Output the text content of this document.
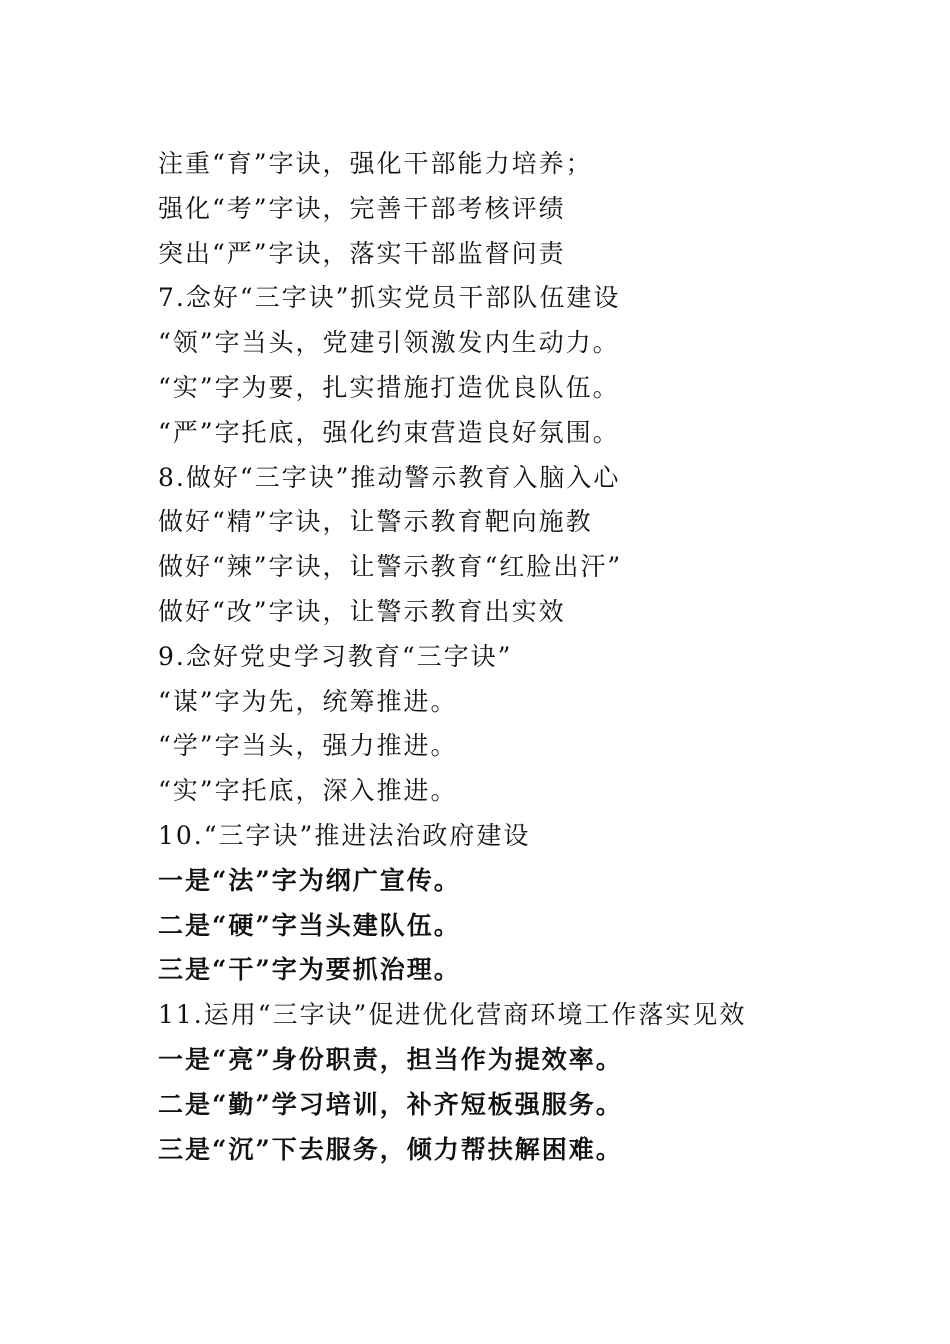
注重“育”字诀，强化干部能力培养；
强化“考”字诀，完善干部考核评绩
突出“严”字诀，落实干部监督问责
7.念好“三字诀”抓实党员干部队伍建设
“领”字当头，党建引领激发内生动力。
“实”字为要，扎实措施打造优良队伍。
“严”字托底，强化约束营造良好氛围。
8.做好“三字诀”推动警示教育入脑入心
做好“精”字诀，让警示教育靶向施教
做好“辣”字诀，让警示教育“红脸出汗”
做好“改”字诀，让警示教育出实效
9.念好党史学习教育“三字诀”
“谋”字为先，统筹推进。
“学”字当头，强力推进。
“实”字托底，深入推进。
10.“三字诀”推进法治政府建设
一是“法”字为纲广宣传。
二是“硬”字当头建队伍。
三是“干”字为要抓治理。
11.运用“三字诀”促进优化营商环境工作落实见效
一是“亮”身份职责，担当作为提效率。
二是“勤”学习培训，补齐短板强服务。
三是“沉”下去服务，倾力帮扶解困难。
